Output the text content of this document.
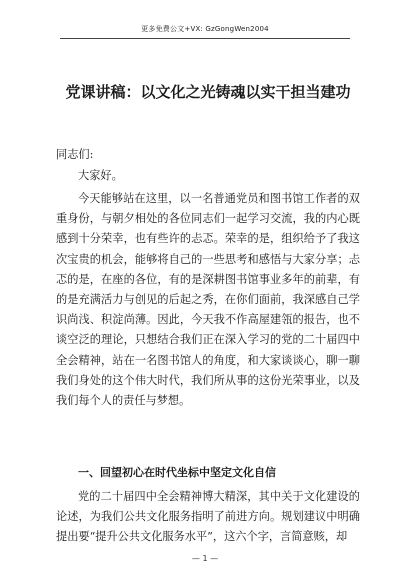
更多免费公文+VX: GzGongWen2004
党课讲稿：以文化之光铸魂以实干担当建功
同志们:
大家好。
今天能够站在这里，以一名普通党员和图书馆工作者的双重身份，与朝夕相处的各位同志们一起学习交流，我的内心既感到十分荣幸，也有些许的忐忑。荣幸的是，组织给予了我这次宝贵的机会，能够将自己的一些思考和感悟与大家分享；忐忑的是，在座的各位，有的是深耕图书馆事业多年的前辈，有的是充满活力与创见的后起之秀，在你们面前，我深感自己学识尚浅、积淀尚薄。因此，今天我不作高屋建瓴的报告，也不谈空泛的理论，只想结合我们正在深入学习的党的二十届四中全会精神，站在一名图书馆人的角度，和大家谈谈心，聊一聊我们身处的这个伟大时代，我们所从事的这份光荣事业，以及我们每个人的责任与梦想。
一、回望初心在时代坐标中坚定文化自信
党的二十届四中全会精神博大精深，其中关于文化建设的论述，为我们公共文化服务指明了前进方向。规划建议中明确提出要“提升公共文化服务水平”，这六个字，言简意赅，却
— 1 —
